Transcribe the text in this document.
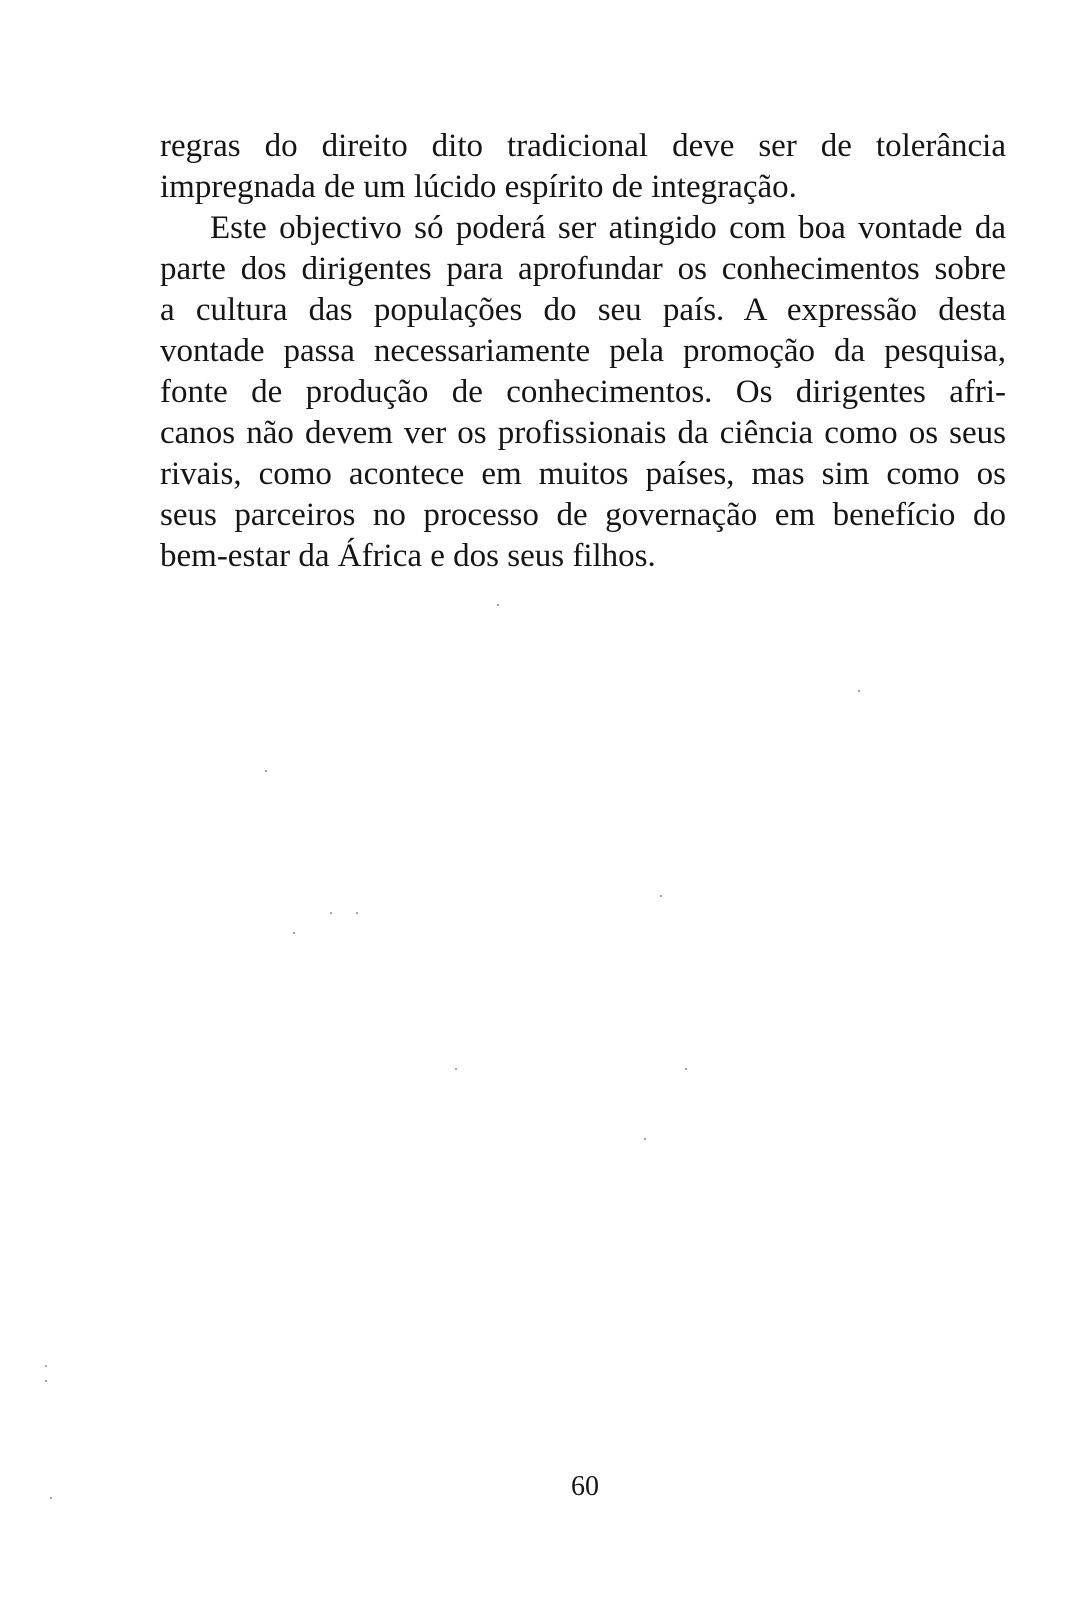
regras do direito dito tradicional deve ser de tolerância
impregnada de um lúcido espírito de integração.
Este objectivo só poderá ser atingido com boa vontade da
parte dos dirigentes para aprofundar os conhecimentos sobre
a cultura das populações do seu país. A expressão desta
vontade passa necessariamente pela promoção da pesquisa,
fonte de produção de conhecimentos. Os dirigentes afri-
canos não devem ver os profissionais da ciência como os seus
rivais, como acontece em muitos países, mas sim como os
seus parceiros no processo de governação em benefício do
bem-estar da África e dos seus filhos.
60
